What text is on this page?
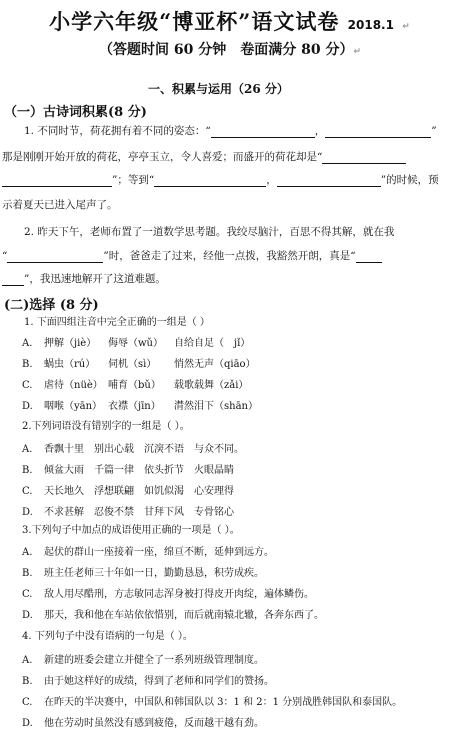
小学六年级“博亚杯”语文试卷 2018.1 ↵
（答题时间 60 分钟　卷面满分 80 分）↵
一、积累与运用（26 分）
（一）古诗词积累(8 分)
1. 不同时节，荷花拥有着不同的姿态：“	，	”
那是刚刚开始开放的荷花，亭亭玉立，令人喜爱；而盛开的荷花却是“
”；等到“	，	”的时候，预
示着夏天已进入尾声了。
2. 昨天下午，老师布置了一道数学思考题。我绞尽脑汁，百思不得其解，就在我
“	”时，爸爸走了过来，经他一点拨，我豁然开朗，真是“
”，我迅速地解开了这道难题。
(二)选择 (8 分)
1. 下面四组注音中完全正确的一组是（ ）
A. 押解（jiè） 侮辱（wǔ） 自给自足（　jǐ）
B. 蜗虫（rú） 伺机（sì） 悄然无声（qiāo）
C. 虐待（nüè） 哺育（bǔ） 载歌载舞（zǎi）
D. 咽喉（yān） 衣襟（jīn） 潸然泪下（shān）
2.下列词语没有错别字的一组是（ ）。
A. 香飘十里　别出心载　沉㴱不语　与众不同。
B. 倾盆大雨　千篇一律　依头折节　火眼晶睛
C. 天长地久　浮想联翩　如饥似渴　心安理得
D. 不求甚解　忍俊不禁　甘拜下风　专骨铭心
3.下列句子中加点的成语使用正确的一项是（ ）。
A. 起伏的群山一座接着一座，绵亘不断，延伸到远方。
B. 班主任老师三十年如一日，勤勤恳恳，积劳成疾。
C. 敌人用尽酷刑，方志敏同志浑身被打得皮开肉绽，遍体鳞伤。
D. 那天，我和他在车站依依惜别，而后就南辕北辙，各奔东西了。
4. 下列句子中没有语病的一句是（ ）。
A. 新建的班委会建立并健全了一系列班级管理制度。
B. 由于她这样好的成绩，得到了老师和同学们的赞扬。
C. 在昨天的半决赛中，中国队和韩国队以 3：1 和 2：1 分别战胜韩国队和泰国队。
D. 他在劳动时虽然没有感到疲倦，反而越干越有劲。
